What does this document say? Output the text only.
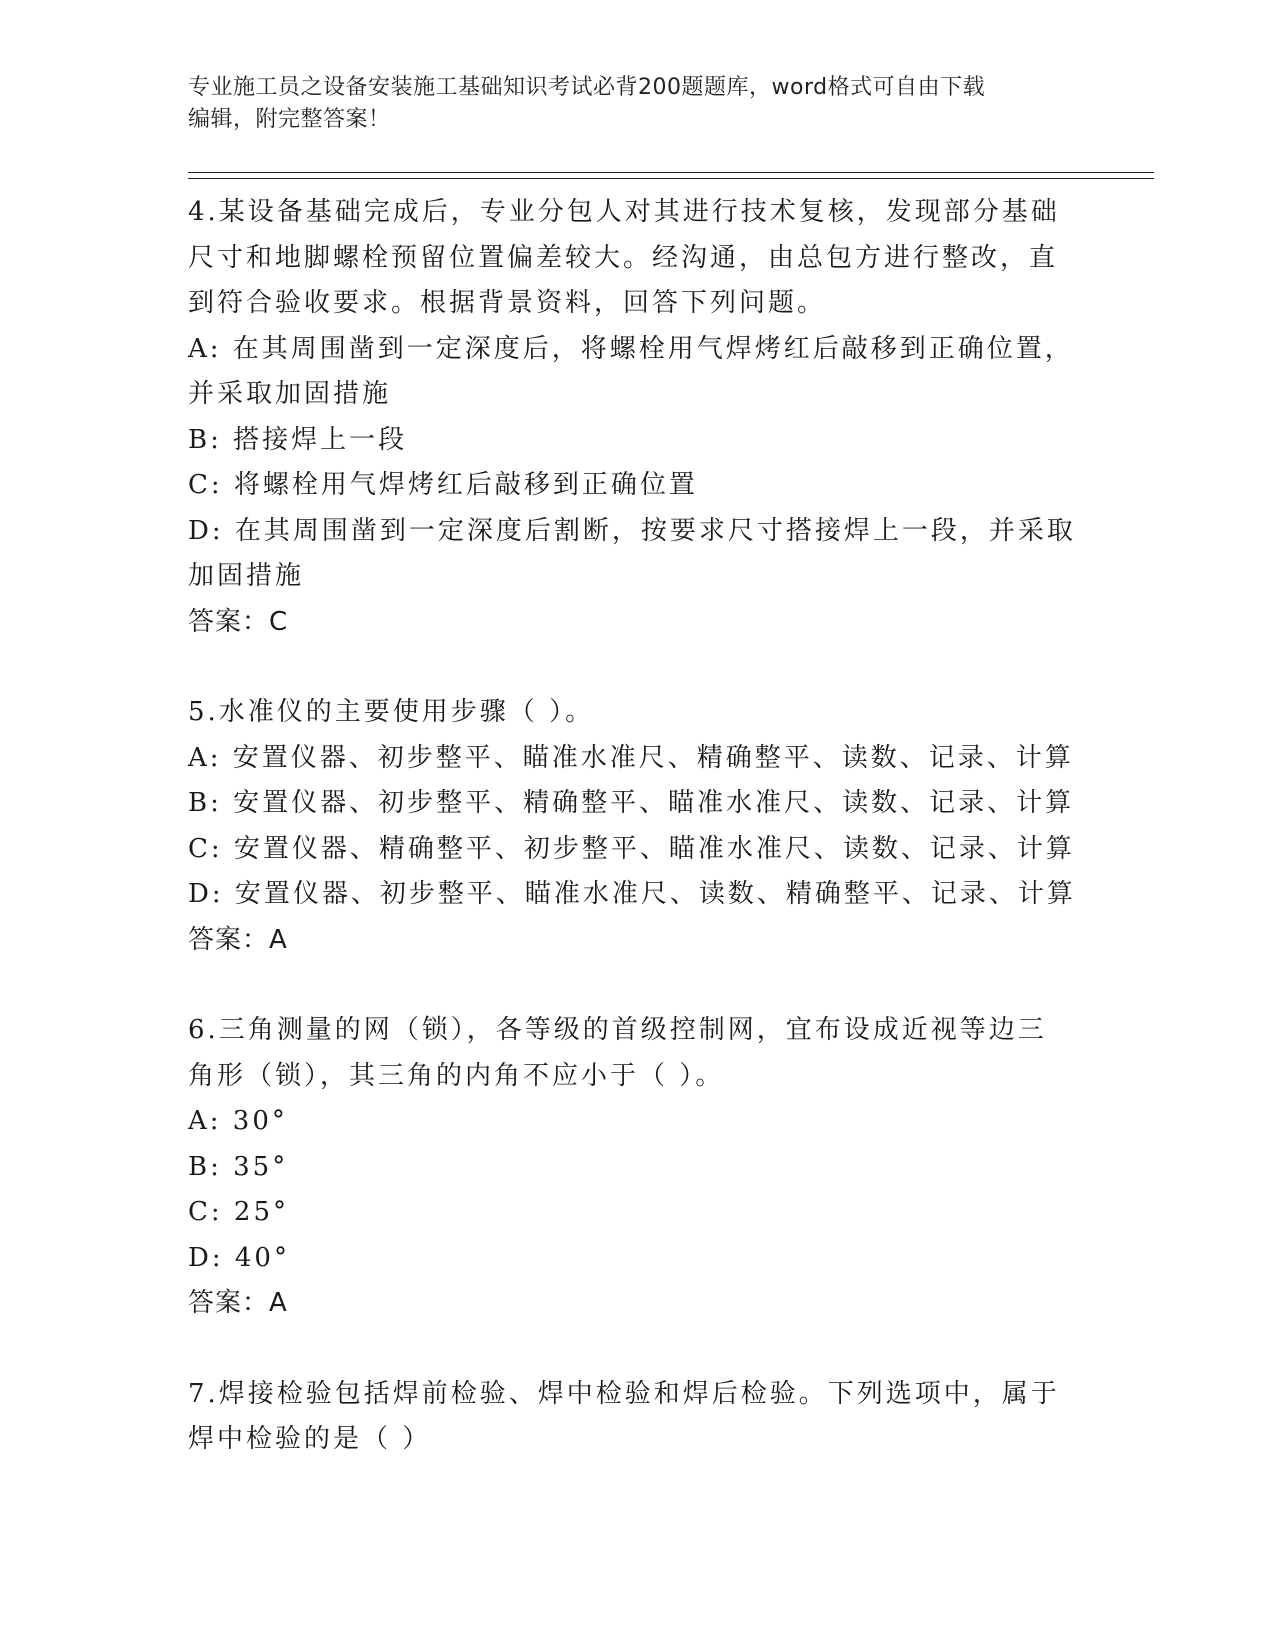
专业施工员之设备安装施工基础知识考试必背200题题库，word格式可自由下载
编辑，附完整答案！
4.某设备基础完成后，专业分包人对其进行技术复核，发现部分基础
尺寸和地脚螺栓预留位置偏差较大。经沟通，由总包方进行整改，直
到符合验收要求。根据背景资料，回答下列问题。
A: 在其周围凿到一定深度后，将螺栓用气焊烤红后敲移到正确位置，
并采取加固措施
B: 搭接焊上一段
C: 将螺栓用气焊烤红后敲移到正确位置
D: 在其周围凿到一定深度后割断，按要求尺寸搭接焊上一段，并采取
加固措施
答案：C
5.水准仪的主要使用步骤（ ）。
A: 安置仪器、初步整平、瞄准水准尺、精确整平、读数、记录、计算
B: 安置仪器、初步整平、精确整平、瞄准水准尺、读数、记录、计算
C: 安置仪器、精确整平、初步整平、瞄准水准尺、读数、记录、计算
D: 安置仪器、初步整平、瞄准水准尺、读数、精确整平、记录、计算
答案：A
6.三角测量的网（锁），各等级的首级控制网，宜布设成近视等边三
角形（锁），其三角的内角不应小于（ ）。
A: 30°
B: 35°
C: 25°
D: 40°
答案：A
7.焊接检验包括焊前检验、焊中检验和焊后检验。下列选项中，属于
焊中检验的是（ ）
